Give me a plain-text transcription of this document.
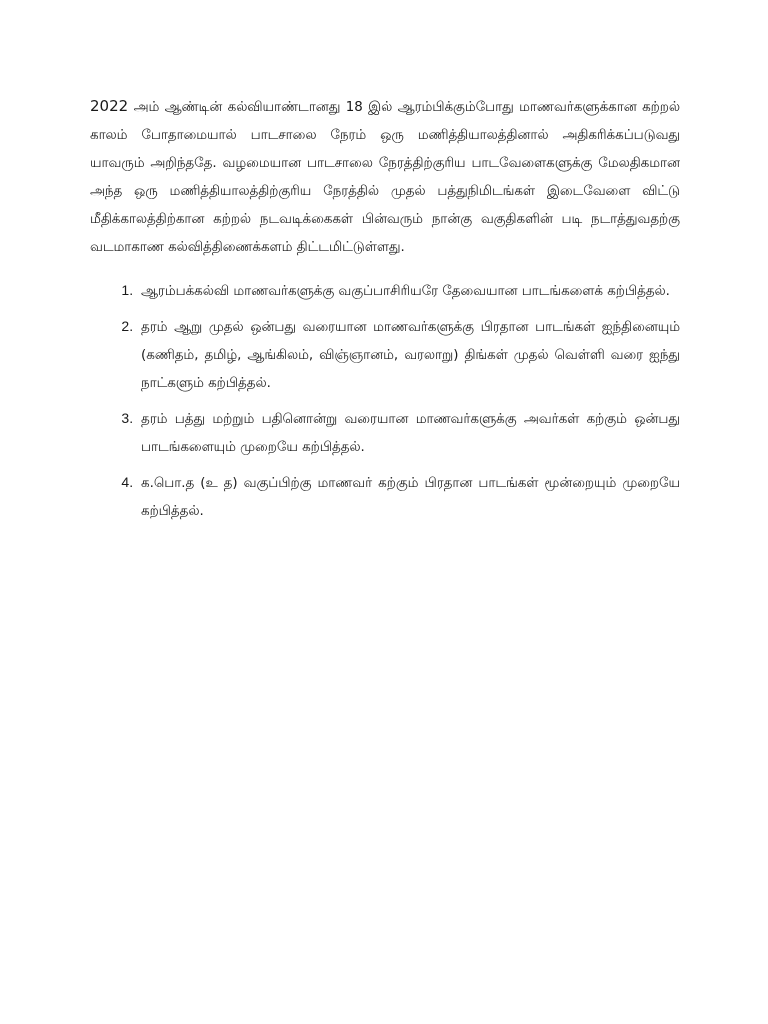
2022 அம் ஆண்டின் கல்வியாண்டானது 18 இல் ஆரம்பிக்கும்போது மாணவர்களுக்கான கற்றல் காலம் போதாமையால் பாடசாலை நேரம் ஒரு மணித்தியாலத்தினால் அதிகரிக்கப்படுவது யாவரும் அறிந்ததே. வழமையான பாடசாலை நேரத்திற்குரிய பாடவேளைகளுக்கு மேலதிகமான அந்த ஒரு மணித்தியாலத்திற்குரிய நேரத்தில் முதல் பத்துநிமிடங்கள் இடைவேளை விட்டு மீதிக்காலத்திற்கான கற்றல் நடவடிக்கைகள் பின்வரும் நான்கு வகுதிகளின் படி நடாத்துவதற்கு வடமாகாண கல்வித்திணைக்களம் திட்டமிட்டுள்ளது.

1. ஆரம்பக்கல்வி மாணவர்களுக்கு வகுப்பாசிரியரே தேவையான பாடங்களைக் கற்பித்தல்.
2. தரம் ஆறு முதல் ஒன்பது வரையான மாணவர்களுக்கு பிரதான பாடங்கள் ஐந்தினையும் (கணிதம், தமிழ், ஆங்கிலம், விஞ்ஞானம், வரலாறு) திங்கள் முதல் வெள்ளி வரை ஐந்து நாட்களும் கற்பித்தல்.
3. தரம் பத்து மற்றும் பதினொன்று வரையான மாணவர்களுக்கு அவர்கள் கற்கும் ஒன்பது பாடங்களையும் முறையே கற்பித்தல்.
4. க.பொ.த (உ த) வகுப்பிற்கு மாணவர் கற்கும் பிரதான பாடங்கள் மூன்றையும் முறையே கற்பித்தல்.
